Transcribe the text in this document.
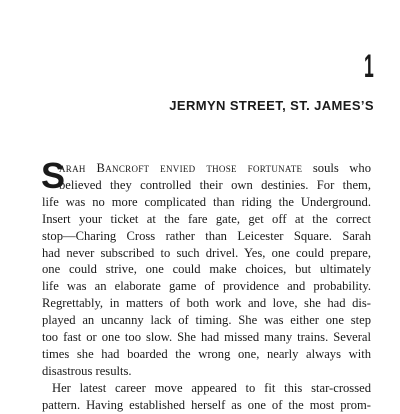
1
JERMYN STREET, ST. JAMES’S
S
arah Bancroft envied those fortunate souls who
believed they controlled their own destinies. For them,
life was no more complicated than riding the Underground.
Insert your ticket at the fare gate, get off at the correct
stop—Charing Cross rather than Leicester Square. Sarah
had never subscribed to such drivel. Yes, one could prepare,
one could strive, one could make choices, but ultimately
life was an elaborate game of providence and probability.
Regrettably, in matters of both work and love, she had dis-
played an uncanny lack of timing. She was either one step
too fast or one too slow. She had missed many trains. Several
times she had boarded the wrong one, nearly always with
disastrous results.
Her latest career move appeared to fit this star-crossed
pattern. Having established herself as one of the most prom-
